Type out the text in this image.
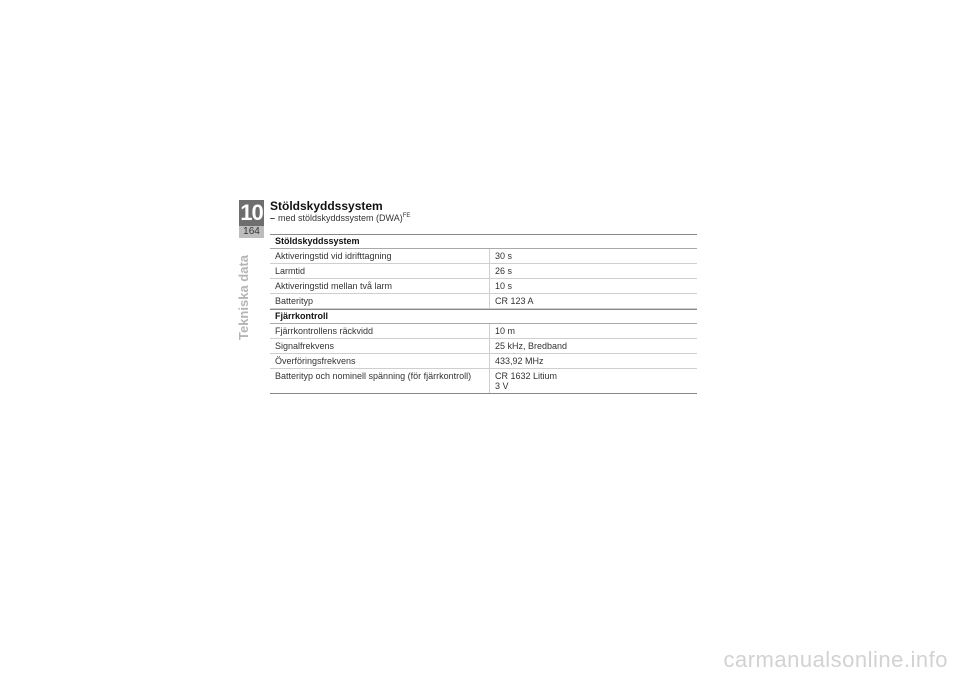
10
164
Tekniska data
Stöldskyddssystem
– med stöldskyddssystem (DWA)$^{FE}$
Stöldskyddssystem
Aktiveringstid vid idrifttagning	30 s
Larmtid	26 s
Aktiveringstid mellan två larm	10 s
Batterityp	CR 123 A
Fjärrkontroll
Fjärrkontrollens räckvidd	10 m
Signalfrekvens	25 kHz, Bredband
Överföringsfrekvens	433,92 MHz
Batterityp och nominell spänning (för fjärrkontroll)	CR 1632 Litium
3 V
carmanualsonline.info
